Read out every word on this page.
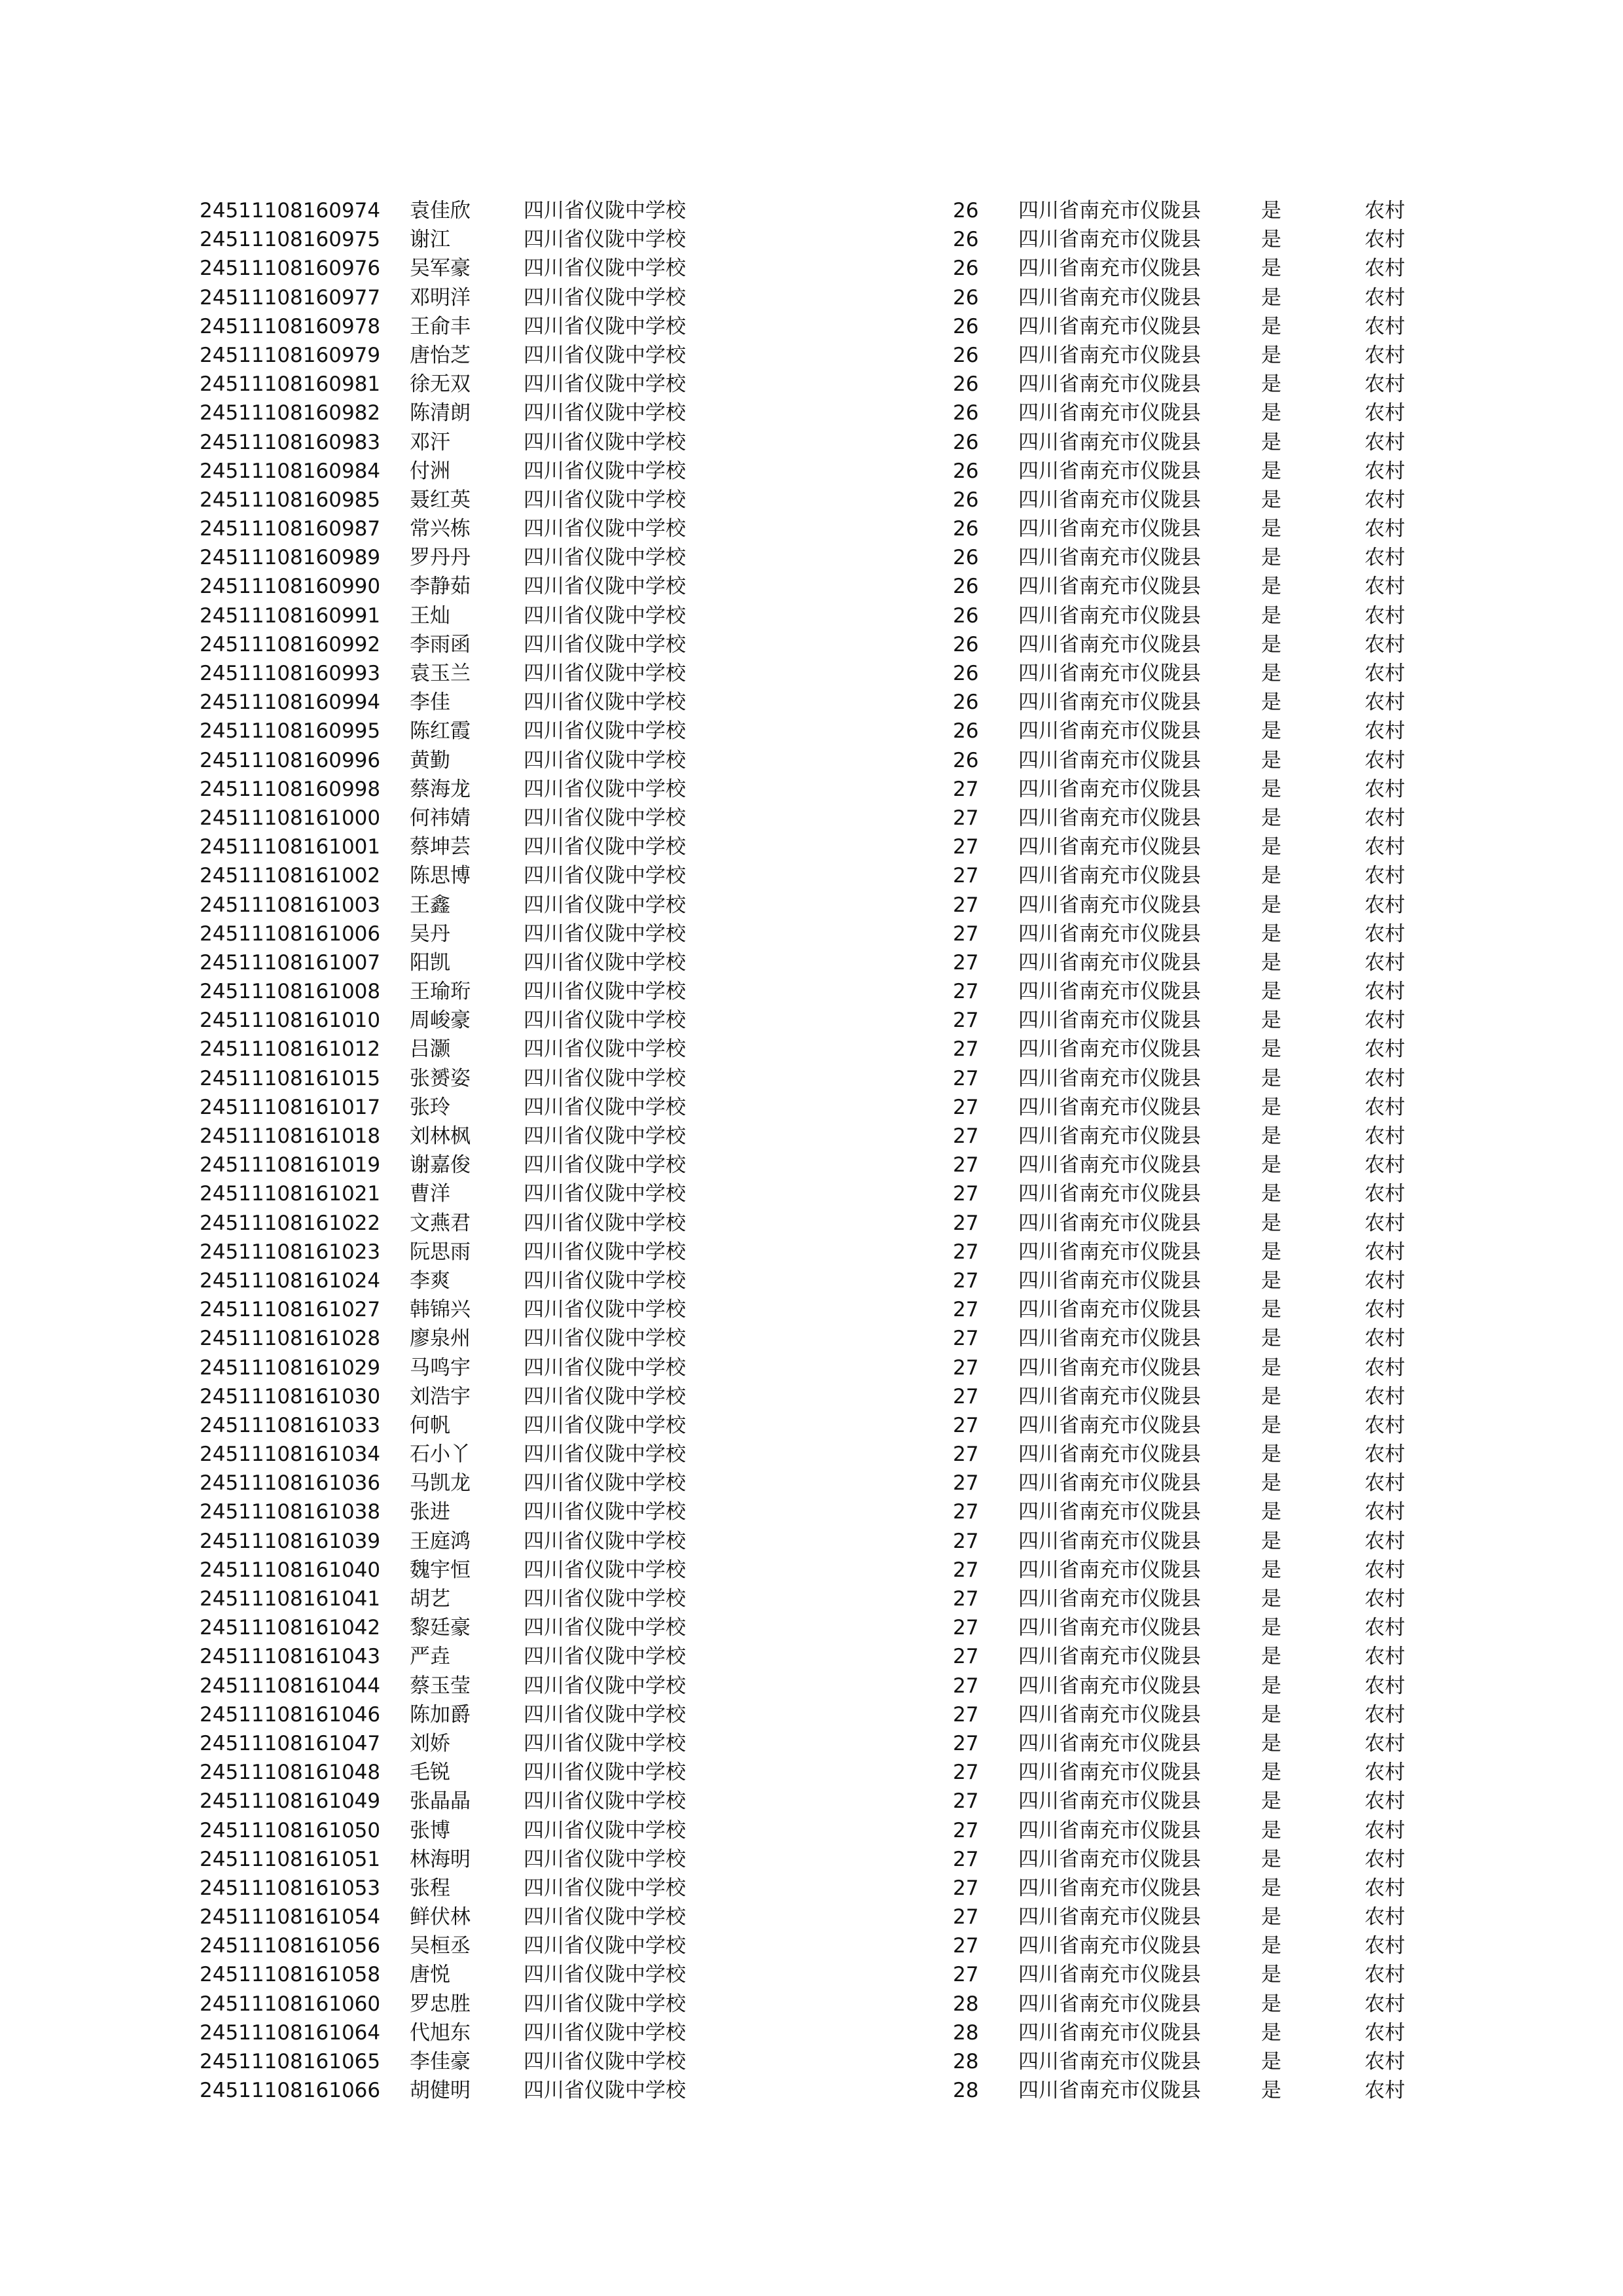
24511108160974 袁佳欣	四川省仪陇中学校	26 四川省南充市仪陇县	是	农村
24511108160975 谢江	四川省仪陇中学校	26 四川省南充市仪陇县	是	农村
24511108160976 吴军豪	四川省仪陇中学校	26 四川省南充市仪陇县	是	农村
24511108160977 邓明洋	四川省仪陇中学校	26 四川省南充市仪陇县	是	农村
24511108160978 王俞丰	四川省仪陇中学校	26 四川省南充市仪陇县	是	农村
24511108160979 唐怡芝	四川省仪陇中学校	26 四川省南充市仪陇县	是	农村
24511108160981 徐无双	四川省仪陇中学校	26 四川省南充市仪陇县	是	农村
24511108160982 陈清朗	四川省仪陇中学校	26 四川省南充市仪陇县	是	农村
24511108160983 邓汗	四川省仪陇中学校	26 四川省南充市仪陇县	是	农村
24511108160984 付洲	四川省仪陇中学校	26 四川省南充市仪陇县	是	农村
24511108160985 聂红英	四川省仪陇中学校	26 四川省南充市仪陇县	是	农村
24511108160987 常兴栋	四川省仪陇中学校	26 四川省南充市仪陇县	是	农村
24511108160989 罗丹丹	四川省仪陇中学校	26 四川省南充市仪陇县	是	农村
24511108160990 李静茹	四川省仪陇中学校	26 四川省南充市仪陇县	是	农村
24511108160991 王灿	四川省仪陇中学校	26 四川省南充市仪陇县	是	农村
24511108160992 李雨函	四川省仪陇中学校	26 四川省南充市仪陇县	是	农村
24511108160993 袁玉兰	四川省仪陇中学校	26 四川省南充市仪陇县	是	农村
24511108160994 李佳	四川省仪陇中学校	26 四川省南充市仪陇县	是	农村
24511108160995 陈红霞	四川省仪陇中学校	26 四川省南充市仪陇县	是	农村
24511108160996 黄勤	四川省仪陇中学校	26 四川省南充市仪陇县	是	农村
24511108160998 蔡海龙	四川省仪陇中学校	27 四川省南充市仪陇县	是	农村
24511108161000 何祎婧	四川省仪陇中学校	27 四川省南充市仪陇县	是	农村
24511108161001 蔡坤芸	四川省仪陇中学校	27 四川省南充市仪陇县	是	农村
24511108161002 陈思博	四川省仪陇中学校	27 四川省南充市仪陇县	是	农村
24511108161003 王鑫	四川省仪陇中学校	27 四川省南充市仪陇县	是	农村
24511108161006 吴丹	四川省仪陇中学校	27 四川省南充市仪陇县	是	农村
24511108161007 阳凯	四川省仪陇中学校	27 四川省南充市仪陇县	是	农村
24511108161008 王瑜珩	四川省仪陇中学校	27 四川省南充市仪陇县	是	农村
24511108161010 周峻豪	四川省仪陇中学校	27 四川省南充市仪陇县	是	农村
24511108161012 吕灏	四川省仪陇中学校	27 四川省南充市仪陇县	是	农村
24511108161015 张赟姿	四川省仪陇中学校	27 四川省南充市仪陇县	是	农村
24511108161017 张玲	四川省仪陇中学校	27 四川省南充市仪陇县	是	农村
24511108161018 刘林枫	四川省仪陇中学校	27 四川省南充市仪陇县	是	农村
24511108161019 谢嘉俊	四川省仪陇中学校	27 四川省南充市仪陇县	是	农村
24511108161021 曹洋	四川省仪陇中学校	27 四川省南充市仪陇县	是	农村
24511108161022 文燕君	四川省仪陇中学校	27 四川省南充市仪陇县	是	农村
24511108161023 阮思雨	四川省仪陇中学校	27 四川省南充市仪陇县	是	农村
24511108161024 李爽	四川省仪陇中学校	27 四川省南充市仪陇县	是	农村
24511108161027 韩锦兴	四川省仪陇中学校	27 四川省南充市仪陇县	是	农村
24511108161028 廖泉州	四川省仪陇中学校	27 四川省南充市仪陇县	是	农村
24511108161029 马鸣宇	四川省仪陇中学校	27 四川省南充市仪陇县	是	农村
24511108161030 刘浩宇	四川省仪陇中学校	27 四川省南充市仪陇县	是	农村
24511108161033 何帆	四川省仪陇中学校	27 四川省南充市仪陇县	是	农村
24511108161034 石小丫	四川省仪陇中学校	27 四川省南充市仪陇县	是	农村
24511108161036 马凯龙	四川省仪陇中学校	27 四川省南充市仪陇县	是	农村
24511108161038 张进	四川省仪陇中学校	27 四川省南充市仪陇县	是	农村
24511108161039 王庭鸿	四川省仪陇中学校	27 四川省南充市仪陇县	是	农村
24511108161040 魏宇恒	四川省仪陇中学校	27 四川省南充市仪陇县	是	农村
24511108161041 胡艺	四川省仪陇中学校	27 四川省南充市仪陇县	是	农村
24511108161042 黎廷豪	四川省仪陇中学校	27 四川省南充市仪陇县	是	农村
24511108161043 严垚	四川省仪陇中学校	27 四川省南充市仪陇县	是	农村
24511108161044 蔡玉莹	四川省仪陇中学校	27 四川省南充市仪陇县	是	农村
24511108161046 陈加爵	四川省仪陇中学校	27 四川省南充市仪陇县	是	农村
24511108161047 刘娇	四川省仪陇中学校	27 四川省南充市仪陇县	是	农村
24511108161048 毛锐	四川省仪陇中学校	27 四川省南充市仪陇县	是	农村
24511108161049 张晶晶	四川省仪陇中学校	27 四川省南充市仪陇县	是	农村
24511108161050 张博	四川省仪陇中学校	27 四川省南充市仪陇县	是	农村
24511108161051 林海明	四川省仪陇中学校	27 四川省南充市仪陇县	是	农村
24511108161053 张程	四川省仪陇中学校	27 四川省南充市仪陇县	是	农村
24511108161054 鲜伏林	四川省仪陇中学校	27 四川省南充市仪陇县	是	农村
24511108161056 吴桓丞	四川省仪陇中学校	27 四川省南充市仪陇县	是	农村
24511108161058 唐悦	四川省仪陇中学校	27 四川省南充市仪陇县	是	农村
24511108161060 罗忠胜	四川省仪陇中学校	28 四川省南充市仪陇县	是	农村
24511108161064 代旭东	四川省仪陇中学校	28 四川省南充市仪陇县	是	农村
24511108161065 李佳豪	四川省仪陇中学校	28 四川省南充市仪陇县	是	农村
24511108161066 胡健明	四川省仪陇中学校	28 四川省南充市仪陇县	是	农村
